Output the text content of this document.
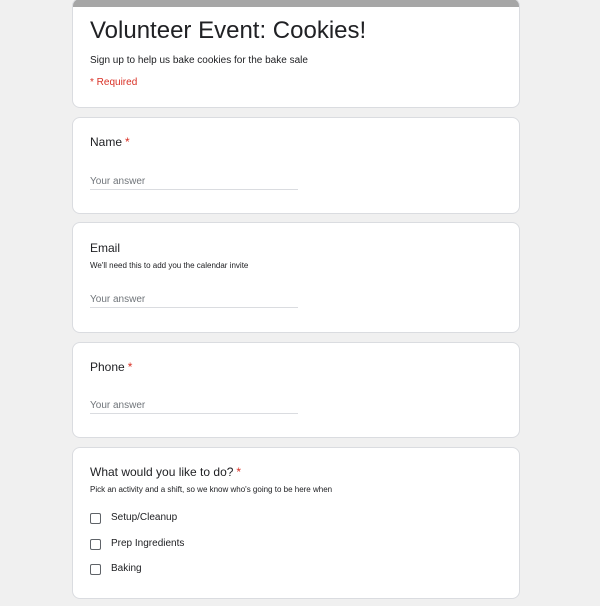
Volunteer Event: Cookies!
Sign up to help us bake cookies for the bake sale
* Required
Name *
Your answer
Email
We'll need this to add you the calendar invite
Your answer
Phone *
Your answer
What would you like to do? *
Pick an activity and a shift, so we know who's going to be here when
Setup/Cleanup
Prep Ingredients
Baking
